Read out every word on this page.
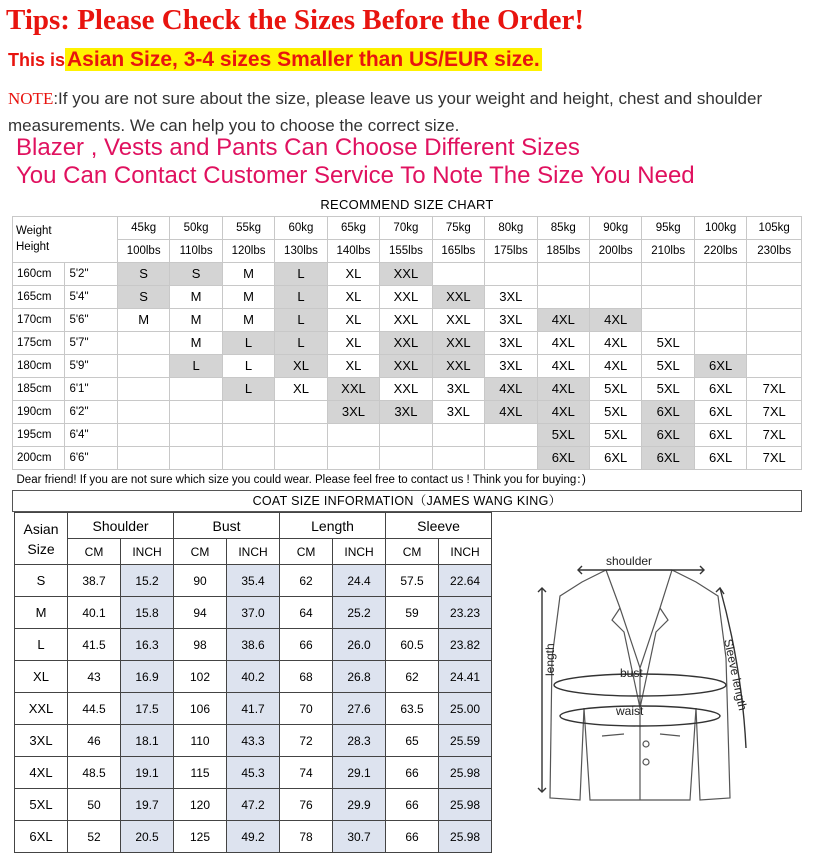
Tips: Please Check the Sizes Before the Order!
This isAsian Size, 3-4 sizes Smaller than US/EUR size.
NOTE:If you are not sure about the size, please leave us your weight and height, chest and shoulder measurements. We can help you to choose the correct size.
Blazer , Vests and Pants Can Choose Different Sizes
You Can Contact Customer Service To Note The Size You Need
RECOMMEND SIZE CHART														

Weight
Height		45kg	50kg	55kg	60kg	65kg	70kg	75kg	80kg	85kg	90kg	95kg	100kg	105kg
		100lbs	110lbs	120lbs	130lbs	140lbs	155lbs	165lbs	175lbs	185lbs	200lbs	210lbs	220lbs	230lbs
160cm	5'2"	S	S	M	L	XL	XXL							
165cm	5'4"	S	M	M	L	XL	XXL	XXL	3XL					
170cm	5'6"	M	M	M	L	XL	XXL	XXL	3XL	4XL	4XL			
175cm	5'7"		M	L	L	XL	XXL	XXL	3XL	4XL	4XL	5XL		
180cm	5'9"		L	L	XL	XL	XXL	XXL	3XL	4XL	4XL	5XL	6XL	
185cm	6'1"			L	XL	XXL	XXL	3XL	4XL	4XL	5XL	5XL	6XL	7XL
190cm	6'2"					3XL	3XL	3XL	4XL	4XL	5XL	6XL	6XL	7XL
195cm	6'4"									5XL	5XL	6XL	6XL	7XL
200cm	6'6"									6XL	6XL	6XL	6XL	7XL
Dear friend! If you are not sure which size you could wear. Please feel free to contact us ! Think you for buying：)														
COAT SIZE INFORMATION（JAMES WANG KING）
Asian
Size	Shoulder		Bust		Length		Sleeve	
	CM	INCH	CM	INCH	CM	INCH	CM	INCH
S	38.7	15.2	90	35.4	62	24.4	57.5	22.64
M	40.1	15.8	94	37.0	64	25.2	59	23.23
L	41.5	16.3	98	38.6	66	26.0	60.5	23.82
XL	43	16.9	102	40.2	68	26.8	62	24.41
XXL	44.5	17.5	106	41.7	70	27.6	63.5	25.00
3XL	46	18.1	110	43.3	72	28.3	65	25.59
4XL	48.5	19.1	115	45.3	74	29.1	66	25.98
5XL	50	19.7	120	47.2	76	29.9	66	25.98
6XL	52	20.5	125	49.2	78	30.7	66	25.98
shoulder
length	bust
waist	Sleeve length
